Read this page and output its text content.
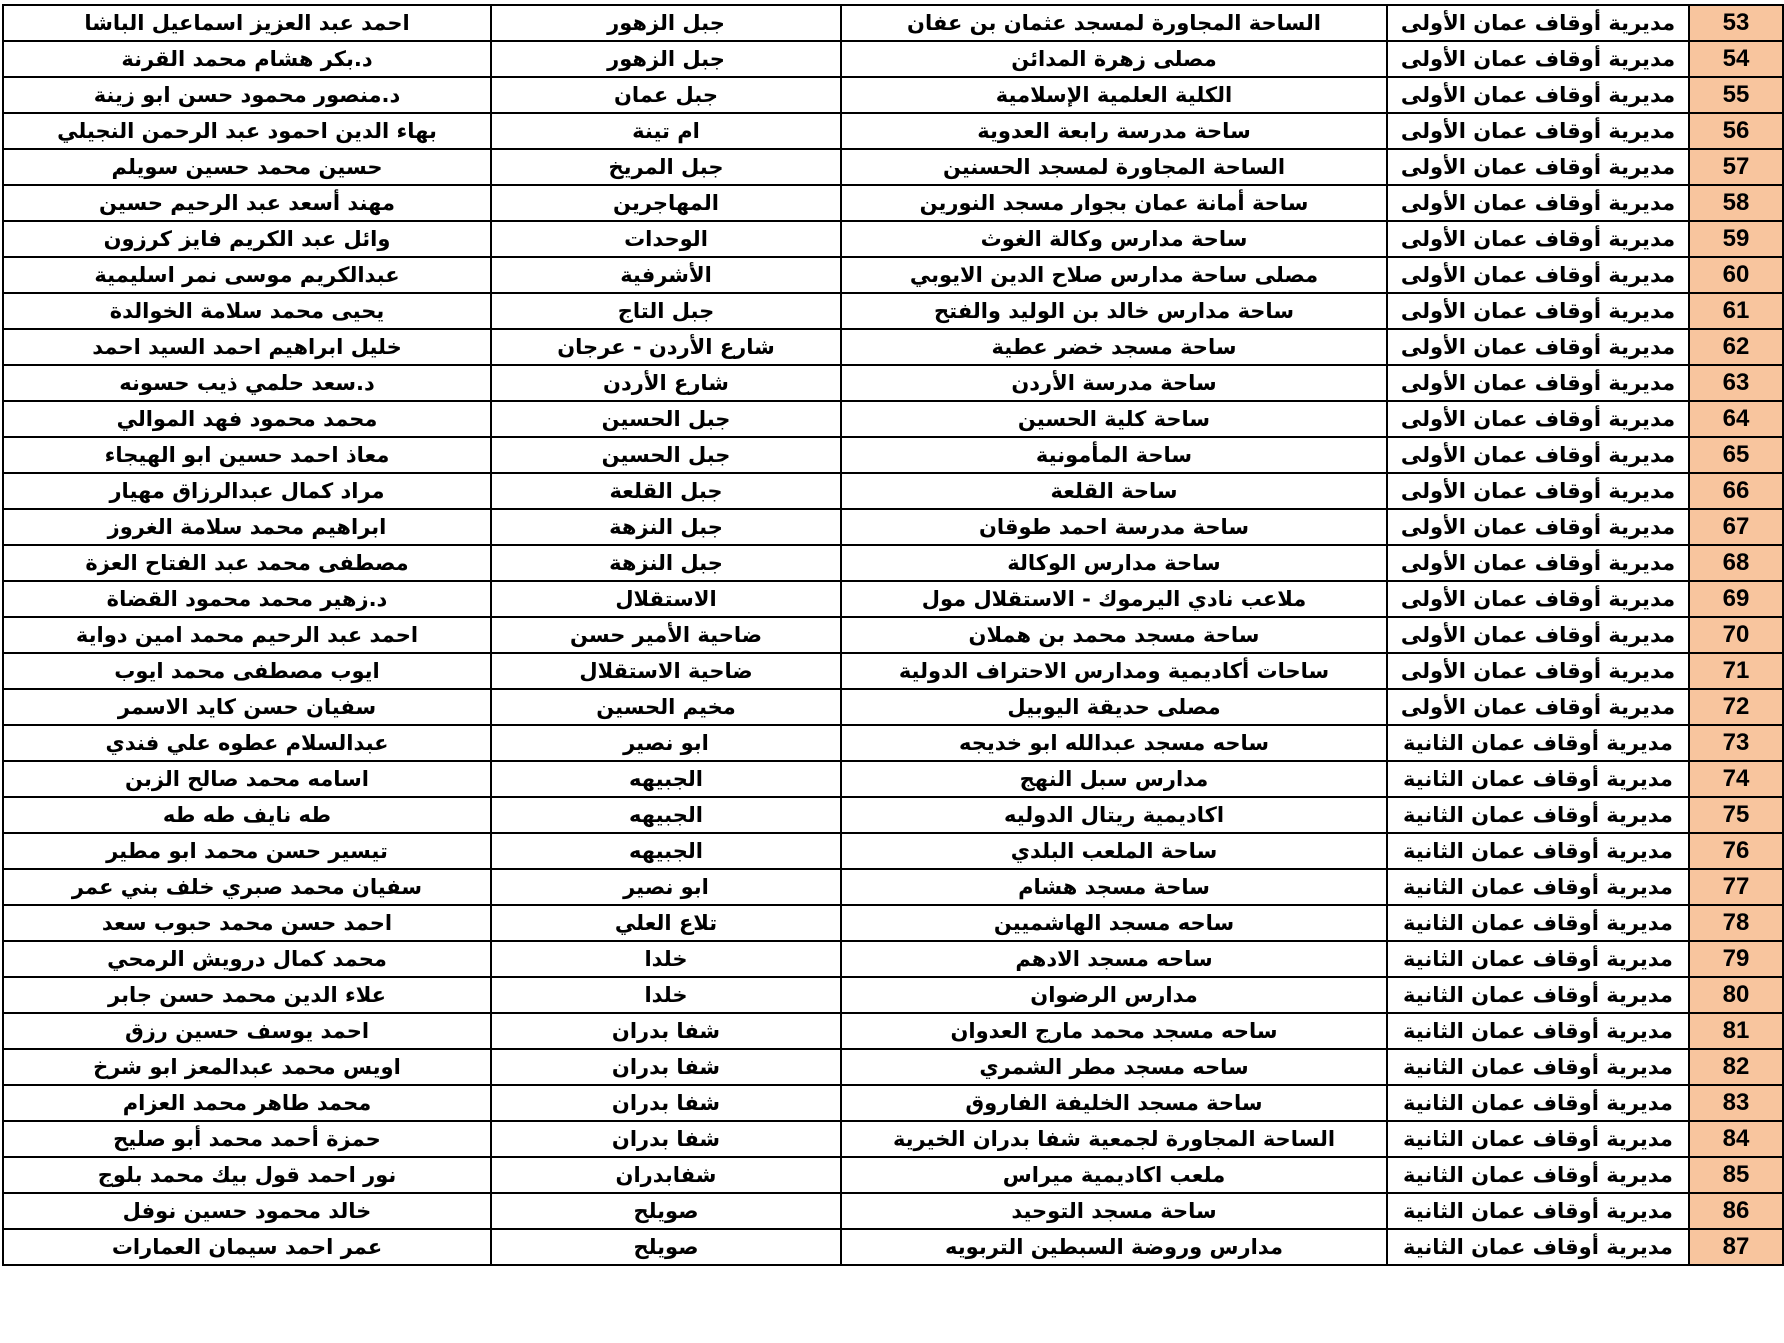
53	مديرية أوقاف عمان الأولى	الساحة المجاورة لمسجد عثمان بن عفان	جبل الزهور	احمد عبد العزيز اسماعيل الباشا
54	مديرية أوقاف عمان الأولى	مصلى زهرة المدائن	جبل الزهور	د.بكر هشام محمد القرنة
55	مديرية أوقاف عمان الأولى	الكلية العلمية الإسلامية	جبل عمان	د.منصور محمود حسن ابو زينة
56	مديرية أوقاف عمان الأولى	ساحة مدرسة رابعة العدوية	ام تينة	بهاء الدين احمود عبد الرحمن النجيلي
57	مديرية أوقاف عمان الأولى	الساحة المجاورة لمسجد الحسنين	جبل المريخ	حسين محمد حسين سويلم
58	مديرية أوقاف عمان الأولى	ساحة أمانة عمان بجوار مسجد النورين	المهاجرين	مهند أسعد عبد الرحيم حسين
59	مديرية أوقاف عمان الأولى	ساحة مدارس وكالة الغوث	الوحدات	وائل عبد الكريم فايز كرزون
60	مديرية أوقاف عمان الأولى	مصلى ساحة مدارس صلاح الدين الايوبي	الأشرفية	عبدالكريم موسى نمر اسليمية
61	مديرية أوقاف عمان الأولى	ساحة مدارس خالد بن الوليد والفتح	جبل التاج	يحيى محمد سلامة الخوالدة
62	مديرية أوقاف عمان الأولى	ساحة مسجد خضر عطية	شارع الأردن - عرجان	خليل ابراهيم احمد السيد احمد
63	مديرية أوقاف عمان الأولى	ساحة مدرسة الأردن	شارع الأردن	د.سعد حلمي ذيب حسونه
64	مديرية أوقاف عمان الأولى	ساحة كلية الحسين	جبل الحسين	محمد محمود فهد الموالي
65	مديرية أوقاف عمان الأولى	ساحة المأمونية	جبل الحسين	معاذ احمد حسين ابو الهيجاء
66	مديرية أوقاف عمان الأولى	ساحة القلعة	جبل القلعة	مراد كمال عبدالرزاق مهيار
67	مديرية أوقاف عمان الأولى	ساحة مدرسة احمد طوقان	جبل النزهة	ابراهيم محمد سلامة الغروز
68	مديرية أوقاف عمان الأولى	ساحة مدارس الوكالة	جبل النزهة	مصطفى محمد عبد الفتاح العزة
69	مديرية أوقاف عمان الأولى	ملاعب نادي اليرموك - الاستقلال مول	الاستقلال	د.زهير محمد محمود القضاة
70	مديرية أوقاف عمان الأولى	ساحة مسجد محمد بن هملان	ضاحية الأمير حسن	احمد عبد الرحيم محمد امين دواية
71	مديرية أوقاف عمان الأولى	ساحات أكاديمية ومدارس الاحتراف الدولية	ضاحية الاستقلال	ايوب مصطفى محمد ايوب
72	مديرية أوقاف عمان الأولى	مصلى حديقة اليوبيل	مخيم الحسين	سفيان حسن كايد الاسمر
73	مديرية أوقاف عمان الثانية	ساحه مسجد عبدالله ابو خديجه	ابو نصير	عبدالسلام عطوه علي فندي
74	مديرية أوقاف عمان الثانية	مدارس سبل النهج	الجبيهه	اسامه محمد صالح الزبن
75	مديرية أوقاف عمان الثانية	اكاديمية ريتال الدوليه	الجبيهه	طه نايف طه طه
76	مديرية أوقاف عمان الثانية	ساحة الملعب البلدي	الجبيهه	تيسير حسن محمد ابو مطير
77	مديرية أوقاف عمان الثانية	ساحة مسجد هشام	ابو نصير	سفيان محمد صبري خلف بني عمر
78	مديرية أوقاف عمان الثانية	ساحه مسجد الهاشميين	تلاع العلي	احمد حسن محمد حبوب سعد
79	مديرية أوقاف عمان الثانية	ساحه مسجد الادهم	خلدا	محمد كمال درويش الرمحي
80	مديرية أوقاف عمان الثانية	مدارس الرضوان	خلدا	علاء الدين محمد حسن جابر
81	مديرية أوقاف عمان الثانية	ساحه مسجد محمد مارج العدوان	شفا بدران	احمد يوسف حسين رزق
82	مديرية أوقاف عمان الثانية	ساحه مسجد مطر الشمري	شفا بدران	اويس محمد عبدالمعز ابو شرخ
83	مديرية أوقاف عمان الثانية	ساحة مسجد الخليفة الفاروق	شفا بدران	محمد طاهر محمد العزام
84	مديرية أوقاف عمان الثانية	الساحة المجاورة لجمعية شفا بدران الخيرية	شفا بدران	حمزة أحمد محمد أبو صليح
85	مديرية أوقاف عمان الثانية	ملعب اكاديمية ميراس	شفابدران	نور احمد قول بيك محمد بلوج
86	مديرية أوقاف عمان الثانية	ساحة مسجد التوحيد	صويلح	خالد محمود حسين نوفل
87	مديرية أوقاف عمان الثانية	مدارس وروضة السبطين التربويه	صويلح	عمر احمد سيمان العمارات
